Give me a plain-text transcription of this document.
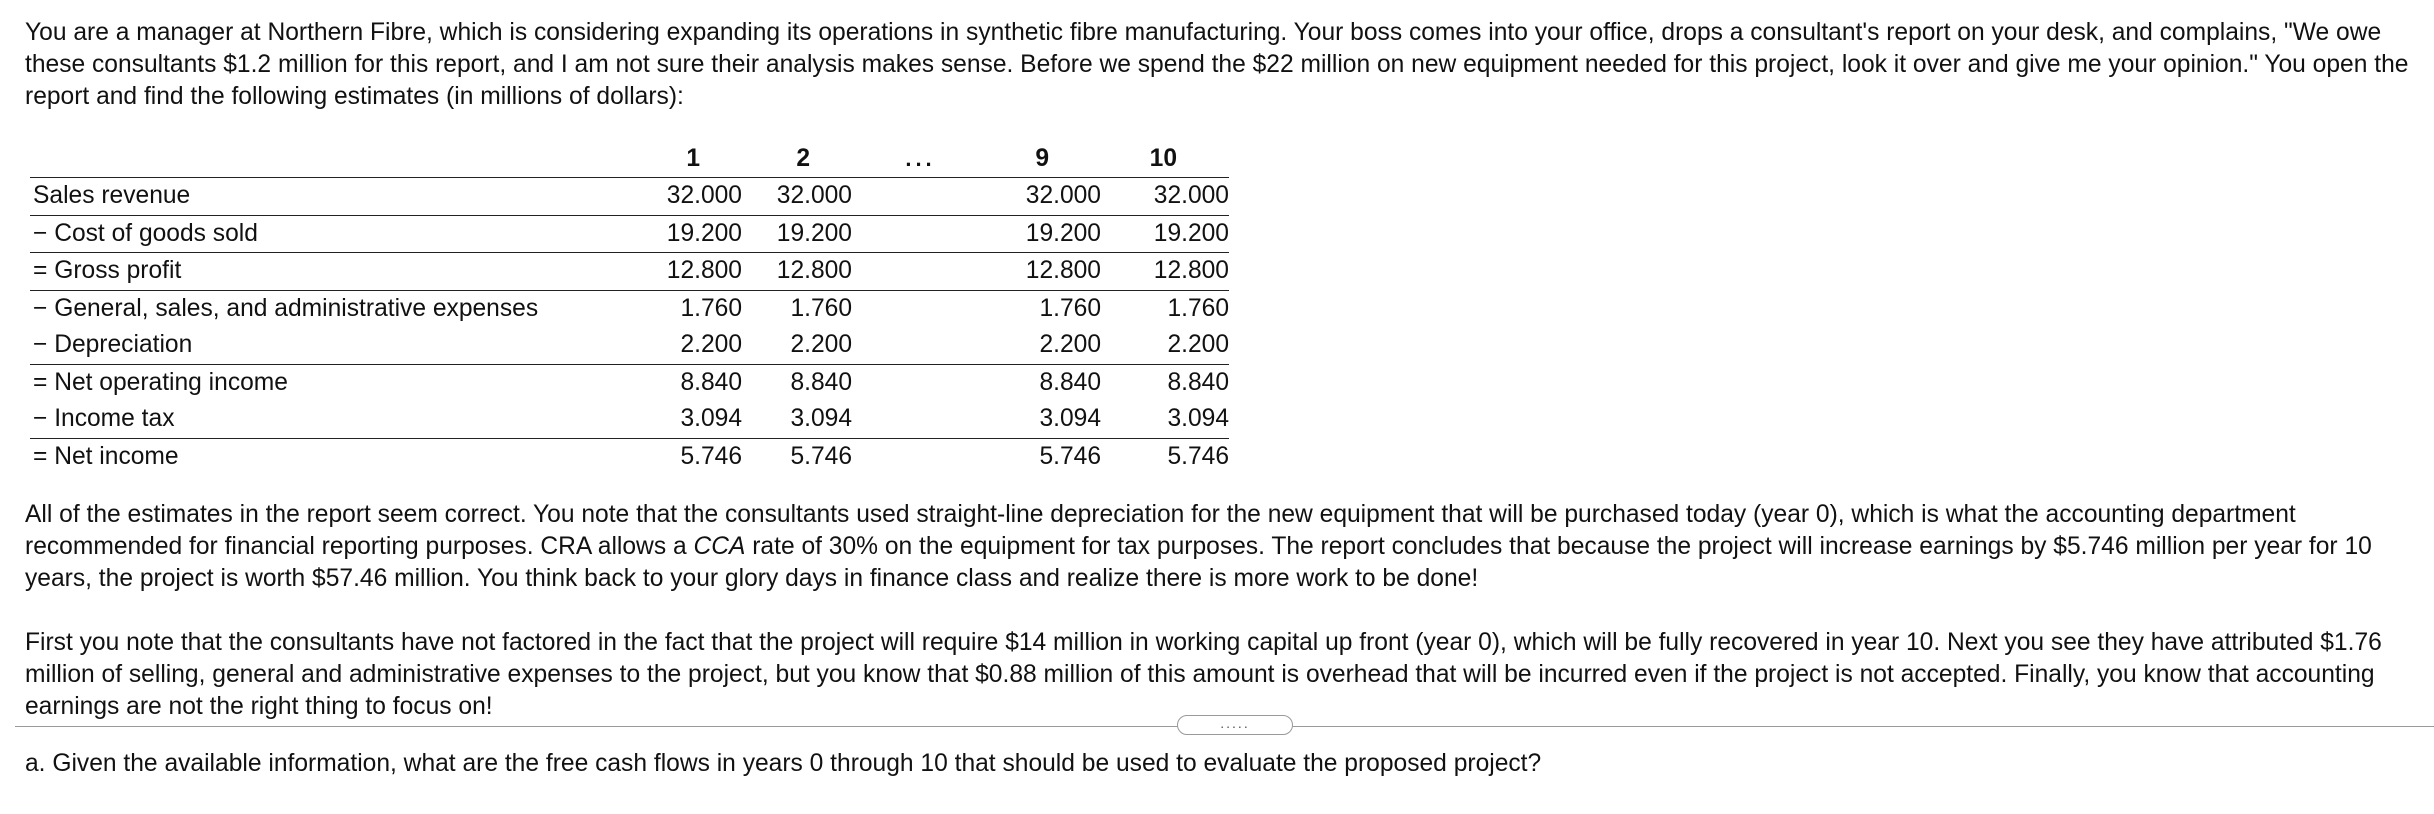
You are a manager at Northern Fibre, which is considering expanding its operations in synthetic fibre manufacturing. Your boss comes into your office, drops a consultant's report on your desk, and complains, "We owe these consultants $1.2 million for this report, and I am not sure their analysis makes sense. Before we spend the $22 million on new equipment needed for this project, look it over and give me your opinion." You open the report and find the following estimates (in millions of dollars):

	1	2	...	9	10
Sales revenue	32.000	32.000		32.000	32.000
− Cost of goods sold	19.200	19.200		19.200	19.200
= Gross profit	12.800	12.800		12.800	12.800
− General, sales, and administrative expenses	1.760	1.760		1.760	1.760
− Depreciation	2.200	2.200		2.200	2.200
= Net operating income	8.840	8.840		8.840	8.840
− Income tax	3.094	3.094		3.094	3.094
= Net income	5.746	5.746		5.746	5.746

All of the estimates in the report seem correct. You note that the consultants used straight-line depreciation for the new equipment that will be purchased today (year 0), which is what the accounting department recommended for financial reporting purposes. CRA allows a CCA rate of 30% on the equipment for tax purposes. The report concludes that because the project will increase earnings by $5.746 million per year for 10 years, the project is worth $57.46 million. You think back to your glory days in finance class and realize there is more work to be done!

First you note that the consultants have not factored in the fact that the project will require $14 million in working capital up front (year 0), which will be fully recovered in year 10. Next you see they have attributed $1.76 million of selling, general and administrative expenses to the project, but you know that $0.88 million of this amount is overhead that will be incurred even if the project is not accepted. Finally, you know that accounting earnings are not the right thing to focus on!

.....

a. Given the available information, what are the free cash flows in years 0 through 10 that should be used to evaluate the proposed project?
